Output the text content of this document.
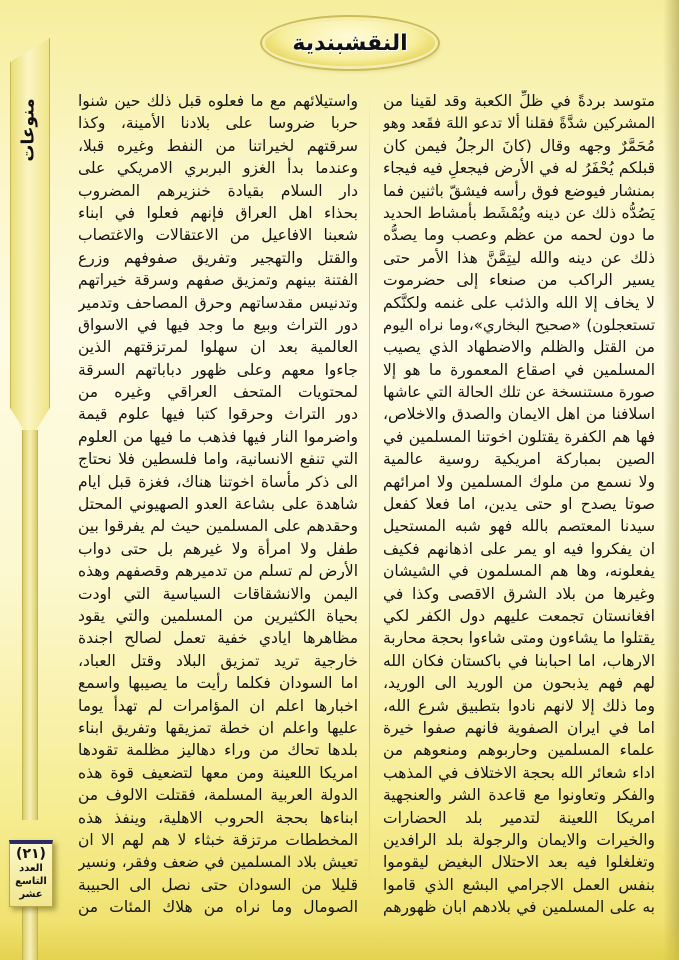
النقشبندية
منوعات
(٢١)
العدد
التاسع
عشر
متوسد بردةً في ظلِّ الكعبة وقد لقينا من
المشركين شدَّةً فقلنا ألا تدعو اللهَ فقَعد وهو
مُحَمَّرٌ وجهه وقال (كانَ الرجلُ فيمن كان
قبلكم يُحْفَرُ له في الأرض فيجعلِ فيه فيجاء
بمنشار فيوضع فوق رأسه فيشقّ باثنين فما
يَصُدُّه ذلك عن دينه ويُمْشَط بأمشاط الحديد
ما دون لحمه من عظم وعصب وما يصدُّه
ذلك عن دينه والله ليتِمَّنَّ هذا الأمر حتى
يسير الراكب من صنعاء إلى حضرموت
لا يخاف إلا الله والذئب على غنمه ولكنَّكم
تستعجلون) «صحيح البخاري»،وما نراه اليوم
من القتل والظلم والاضطهاد الذي يصيب
المسلمين في اصقاع المعمورة ما هو إلا
صورة مستنسخة عن تلك الحالة التي عاشها
اسلافنا من اهل الايمان والصدق والاخلاص،
فها هم الكفرة يقتلون اخوتنا المسلمين في
الصين بمباركة امريكية روسية عالمية
ولا نسمع من ملوك المسلمين ولا امرائهم
صوتا يصدح او حتى يدين، اما فعلا كفعل
سيدنا المعتصم بالله فهو شبه المستحيل
ان يفكروا فيه او يمر على اذهانهم فكيف
يفعلونه، وها هم المسلمون في الشيشان
وغيرها من بلاد الشرق الاقصى وكذا في
افغانستان تجمعت عليهم دول الكفر لكي
يقتلوا ما يشاءون ومتى شاءوا بحجة محاربة
الارهاب، اما احبابنا في باكستان فكان الله
لهم فهم يذبحون من الوريد الى الوريد،
وما ذلك إلا لانهم نادوا بتطبيق شرع الله،
اما في ايران الصفوية فانهم صفوا خيرة
علماء المسلمين وحاربوهم ومنعوهم من
اداء شعائر الله بحجة الاختلاف في المذهب
والفكر وتعاونوا مع قاعدة الشر والعنجهية
امريكا اللعينة لتدمير بلد الحضارات
والخيرات والايمان والرجولة بلد الرافدين
وتغلغلوا فيه بعد الاحتلال البغيض ليقوموا
بنفس العمل الاجرامي البشع الذي قاموا
به على المسلمين في بلادهم ابان ظهورهم
واستيلائهم مع ما فعلوه قبل ذلك حين شنوا
حربا ضروسا على بلادنا الأمينة، وكذا
سرقتهم لخيراتنا من النفط وغيره قبلا،
وعندما بدأ الغزو البربري الامريكي على
دار السلام بقيادة خنزيرهم المضروب
بحذاء اهل العراق فإنهم فعلوا في ابناء
شعبنا الافاعيل من الاعتقالات والاغتصاب
والقتل والتهجير وتفريق صفوفهم وزرع
الفتنة بينهم وتمزيق صفهم وسرقة خيراتهم
وتدنيس مقدساتهم وحرق المصاحف وتدمير
دور التراث وبيع ما وجد فيها في الاسواق
العالمية بعد ان سهلوا لمرتزقتهم الذين
جاءوا معهم وعلى ظهور دباباتهم السرقة
لمحتويات المتحف العراقي وغيره من
دور التراث وحرقوا كتبا فيها علوم قيمة
واضرموا النار فيها فذهب ما فيها من العلوم
التي تنفع الانسانية، واما فلسطين فلا نحتاج
الى ذكر مأساة اخوتنا هناك، فغزة قبل ايام
شاهدة على بشاعة العدو الصهيوني المحتل
وحقدهم على المسلمين حيث لم يفرقوا بين
طفل ولا امرأة ولا غيرهم بل حتى دواب
الأرض لم تسلم من تدميرهم وقصفهم وهذه
اليمن والانشقاقات السياسية التي اودت
بحياة الكثيرين من المسلمين والتي يقود
مظاهرها ايادي خفية تعمل لصالح اجندة
خارجية تريد تمزيق البلاد وقتل العباد،
اما السودان فكلما رأيت ما يصيبها واسمع
اخبارها اعلم ان المؤامرات لم تهدأ يوما
عليها واعلم ان خطة تمزيقها وتفريق ابناء
بلدها تحاك من وراء دهاليز مظلمة تقودها
امريكا اللعينة ومن معها لتضعيف قوة هذه
الدولة العربية المسلمة، فقتلت الالوف من
ابناءها بحجة الحروب الاهلية، وينفذ هذه
المخططات مرتزقة خبثاء لا هم لهم الا ان
تعيش بلاد المسلمين في ضعف وفقر، ونسير
قليلا من السودان حتى نصل الى الحبيبة
الصومال وما نراه من هلاك المئات من
